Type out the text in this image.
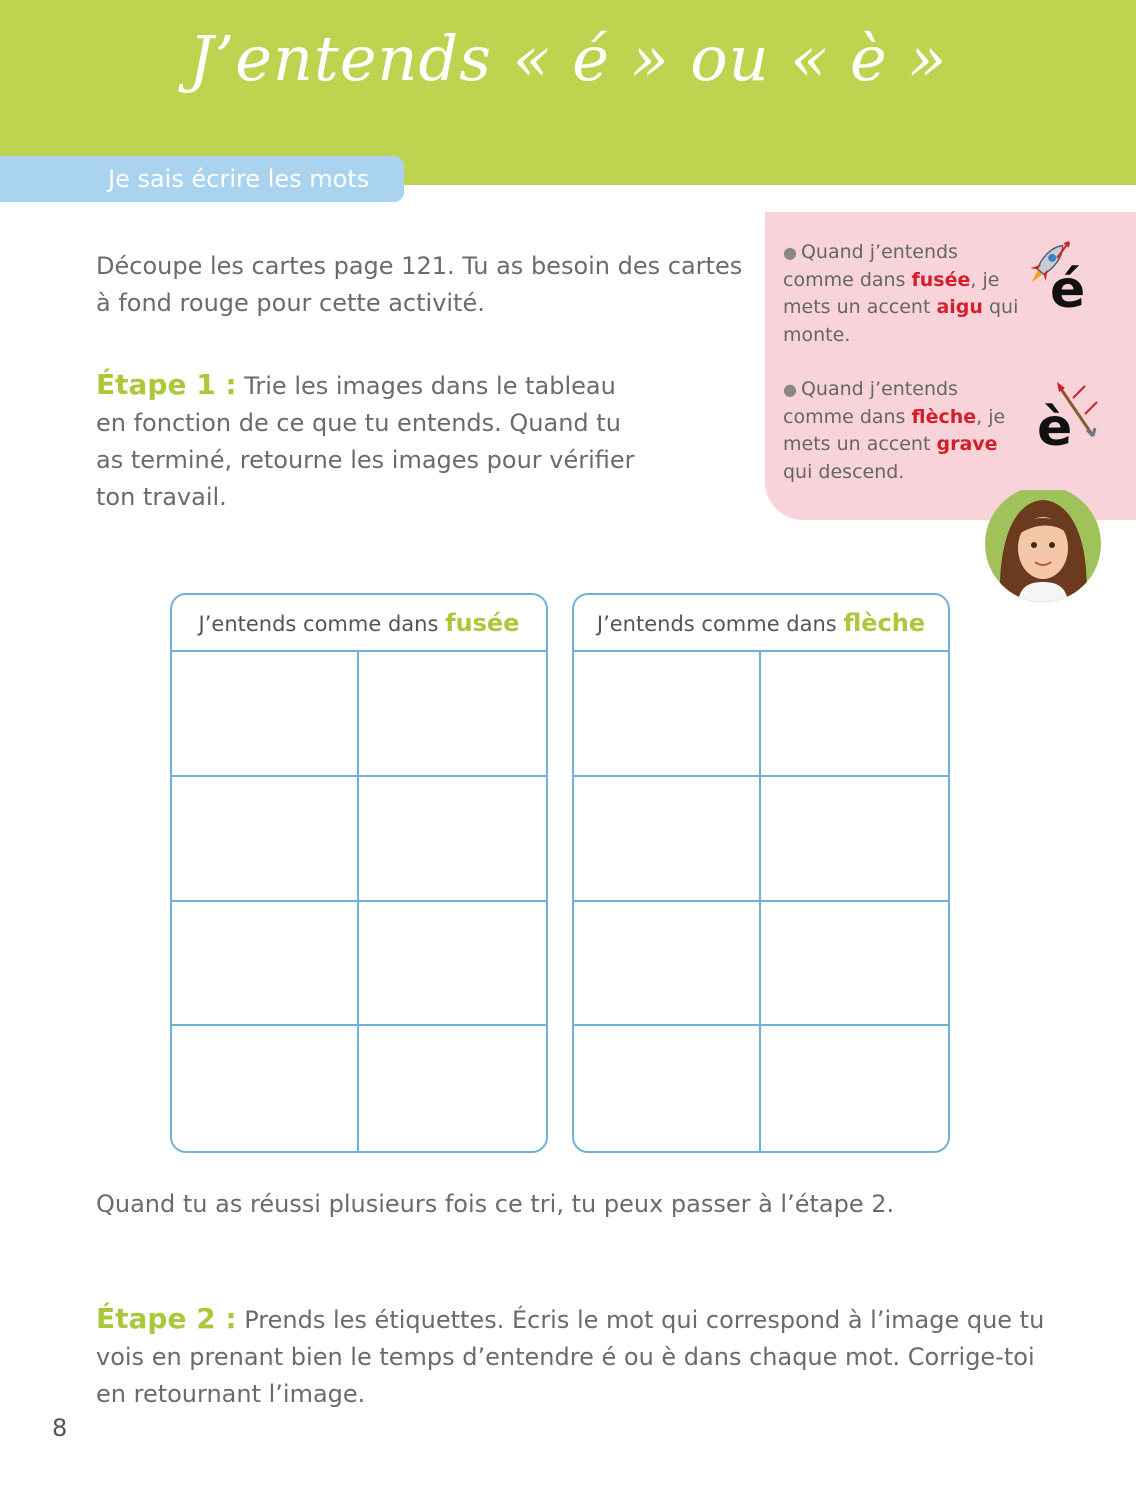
J’entends « é » ou « è »
Je sais écrire les mots

Découpe les cartes page 121. Tu as besoin des cartes à fond rouge pour cette activité.

Étape 1 : Trie les images dans le tableau en fonction de ce que tu entends. Quand tu as terminé, retourne les images pour vérifier ton travail.

● Quand j’entends comme dans fusée, je mets un accent aigu qui monte.
é
● Quand j’entends comme dans flèche, je mets un accent grave qui descend.
è
J’entends comme dans fusée	J’entends comme dans flèche

Quand tu as réussi plusieurs fois ce tri, tu peux passer à l’étape 2.

Étape 2 : Prends les étiquettes. Écris le mot qui correspond à l’image que tu vois en prenant bien le temps d’entendre é ou è dans chaque mot. Corrige-toi en retournant l’image.

8
